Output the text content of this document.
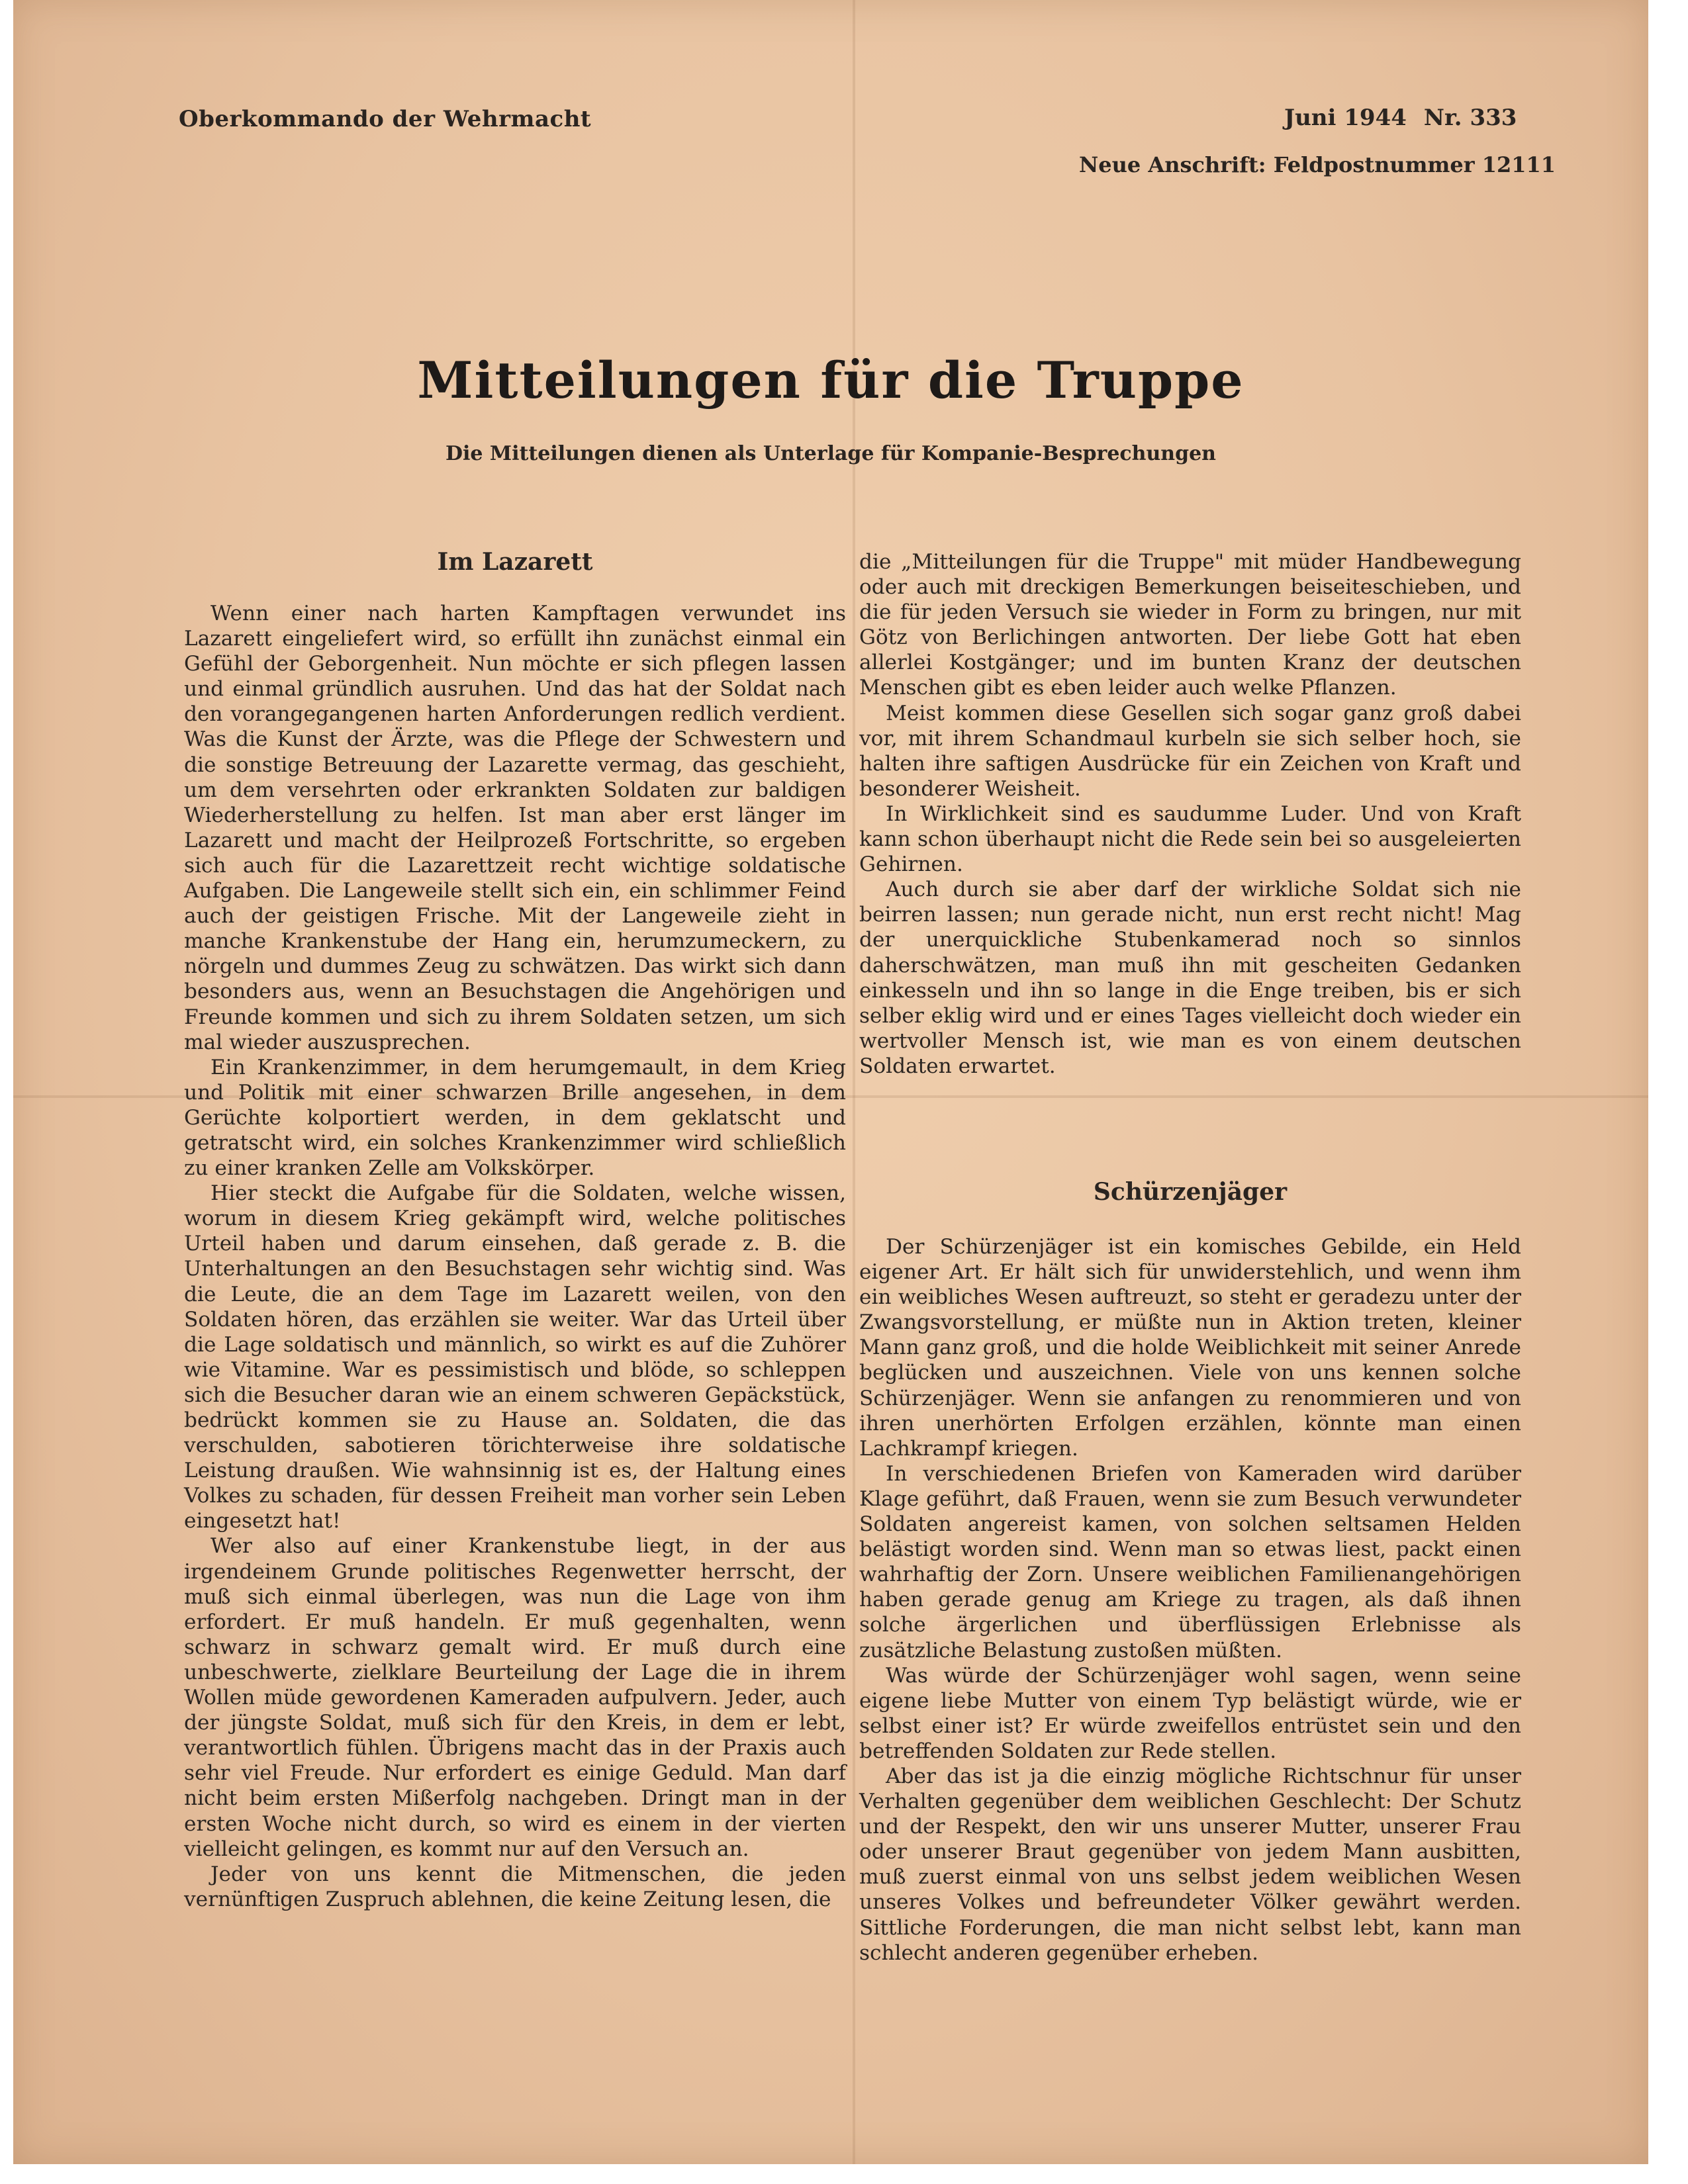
Oberkommando der Wehrmacht	Juni 1944 Nr. 333
Neue Anschrift: Feldpostnummer 12111
Mitteilungen für die Truppe
Die Mitteilungen dienen als Unterlage für Kompanie-Besprechungen
Im Lazarett

Wenn einer nach harten Kampftagen verwundet ins Lazarett eingeliefert wird, so erfüllt ihn zunächst einmal ein Gefühl der Geborgenheit. Nun möchte er sich pflegen lassen und einmal gründlich ausruhen. Und das hat der Soldat nach den vorangegangenen harten Anforderungen redlich verdient. Was die Kunst der Ärzte, was die Pflege der Schwestern und die sonstige Betreuung der Lazarette vermag, das geschieht, um dem versehrten oder erkrankten Soldaten zur baldigen Wiederherstellung zu helfen. Ist man aber erst länger im Lazarett und macht der Heilprozeß Fortschritte, so ergeben sich auch für die Lazarettzeit recht wichtige soldatische Aufgaben. Die Langeweile stellt sich ein, ein schlimmer Feind auch der geistigen Frische. Mit der Langeweile zieht in manche Krankenstube der Hang ein, herumzumeckern, zu nörgeln und dummes Zeug zu schwätzen. Das wirkt sich dann besonders aus, wenn an Besuchstagen die Angehörigen und Freunde kommen und sich zu ihrem Soldaten setzen, um sich mal wieder auszusprechen.

Ein Krankenzimmer, in dem herumgemault, in dem Krieg und Politik mit einer schwarzen Brille angesehen, in dem Gerüchte kolportiert werden, in dem geklatscht und getratscht wird, ein solches Krankenzimmer wird schließlich zu einer kranken Zelle am Volkskörper.

Hier steckt die Aufgabe für die Soldaten, welche wissen, worum in diesem Krieg gekämpft wird, welche politisches Urteil haben und darum einsehen, daß gerade z. B. die Unterhaltungen an den Besuchstagen sehr wichtig sind. Was die Leute, die an dem Tage im Lazarett weilen, von den Soldaten hören, das erzählen sie weiter. War das Urteil über die Lage soldatisch und männlich, so wirkt es auf die Zuhörer wie Vitamine. War es pessimistisch und blöde, so schleppen sich die Besucher daran wie an einem schweren Gepäckstück, bedrückt kommen sie zu Hause an. Soldaten, die das verschulden, sabotieren törichterweise ihre soldatische Leistung draußen. Wie wahnsinnig ist es, der Haltung eines Volkes zu schaden, für dessen Freiheit man vorher sein Leben eingesetzt hat!

Wer also auf einer Krankenstube liegt, in der aus irgendeinem Grunde politisches Regenwetter herrscht, der muß sich einmal überlegen, was nun die Lage von ihm erfordert. Er muß handeln. Er muß gegenhalten, wenn schwarz in schwarz gemalt wird. Er muß durch eine unbeschwerte, zielklare Beurteilung der Lage die in ihrem Wollen müde gewordenen Kameraden aufpulvern. Jeder, auch der jüngste Soldat, muß sich für den Kreis, in dem er lebt, verantwortlich fühlen. Übrigens macht das in der Praxis auch sehr viel Freude. Nur erfordert es einige Geduld. Man darf nicht beim ersten Mißerfolg nachgeben. Dringt man in der ersten Woche nicht durch, so wird es einem in der vierten vielleicht gelingen, es kommt nur auf den Versuch an.

Jeder von uns kennt die Mitmenschen, die jeden vernünftigen Zuspruch ablehnen, die keine Zeitung lesen, die

die „Mitteilungen für die Truppe" mit müder Handbewegung oder auch mit dreckigen Bemerkungen beiseiteschieben, und die für jeden Versuch sie wieder in Form zu bringen, nur mit Götz von Berlichingen antworten. Der liebe Gott hat eben allerlei Kostgänger; und im bunten Kranz der deutschen Menschen gibt es eben leider auch welke Pflanzen.

Meist kommen diese Gesellen sich sogar ganz groß dabei vor, mit ihrem Schandmaul kurbeln sie sich selber hoch, sie halten ihre saftigen Ausdrücke für ein Zeichen von Kraft und besonderer Weisheit.

In Wirklichkeit sind es saudumme Luder. Und von Kraft kann schon überhaupt nicht die Rede sein bei so ausgeleierten Gehirnen.

Auch durch sie aber darf der wirkliche Soldat sich nie beirren lassen; nun gerade nicht, nun erst recht nicht! Mag der unerquickliche Stubenkamerad noch so sinnlos daherschwätzen, man muß ihn mit gescheiten Gedanken einkesseln und ihn so lange in die Enge treiben, bis er sich selber eklig wird und er eines Tages vielleicht doch wieder ein wertvoller Mensch ist, wie man es von einem deutschen Soldaten erwartet.

Schürzenjäger

Der Schürzenjäger ist ein komisches Gebilde, ein Held eigener Art. Er hält sich für unwiderstehlich, und wenn ihm ein weibliches Wesen auftreuzt, so steht er geradezu unter der Zwangsvorstellung, er müßte nun in Aktion treten, kleiner Mann ganz groß, und die holde Weiblichkeit mit seiner Anrede beglücken und auszeichnen. Viele von uns kennen solche Schürzenjäger. Wenn sie anfangen zu renommieren und von ihren unerhörten Erfolgen erzählen, könnte man einen Lachkrampf kriegen.

In verschiedenen Briefen von Kameraden wird darüber Klage geführt, daß Frauen, wenn sie zum Besuch verwundeter Soldaten angereist kamen, von solchen seltsamen Helden belästigt worden sind. Wenn man so etwas liest, packt einen wahrhaftig der Zorn. Unsere weiblichen Familienangehörigen haben gerade genug am Kriege zu tragen, als daß ihnen solche ärgerlichen und überflüssigen Erlebnisse als zusätzliche Belastung zustoßen müßten.

Was würde der Schürzenjäger wohl sagen, wenn seine eigene liebe Mutter von einem Typ belästigt würde, wie er selbst einer ist? Er würde zweifellos entrüstet sein und den betreffenden Soldaten zur Rede stellen.

Aber das ist ja die einzig mögliche Richtschnur für unser Verhalten gegenüber dem weiblichen Geschlecht: Der Schutz und der Respekt, den wir uns unserer Mutter, unserer Frau oder unserer Braut gegenüber von jedem Mann ausbitten, muß zuerst einmal von uns selbst jedem weiblichen Wesen unseres Volkes und befreundeter Völker gewährt werden. Sittliche Forderungen, die man nicht selbst lebt, kann man schlecht anderen gegenüber erheben.
